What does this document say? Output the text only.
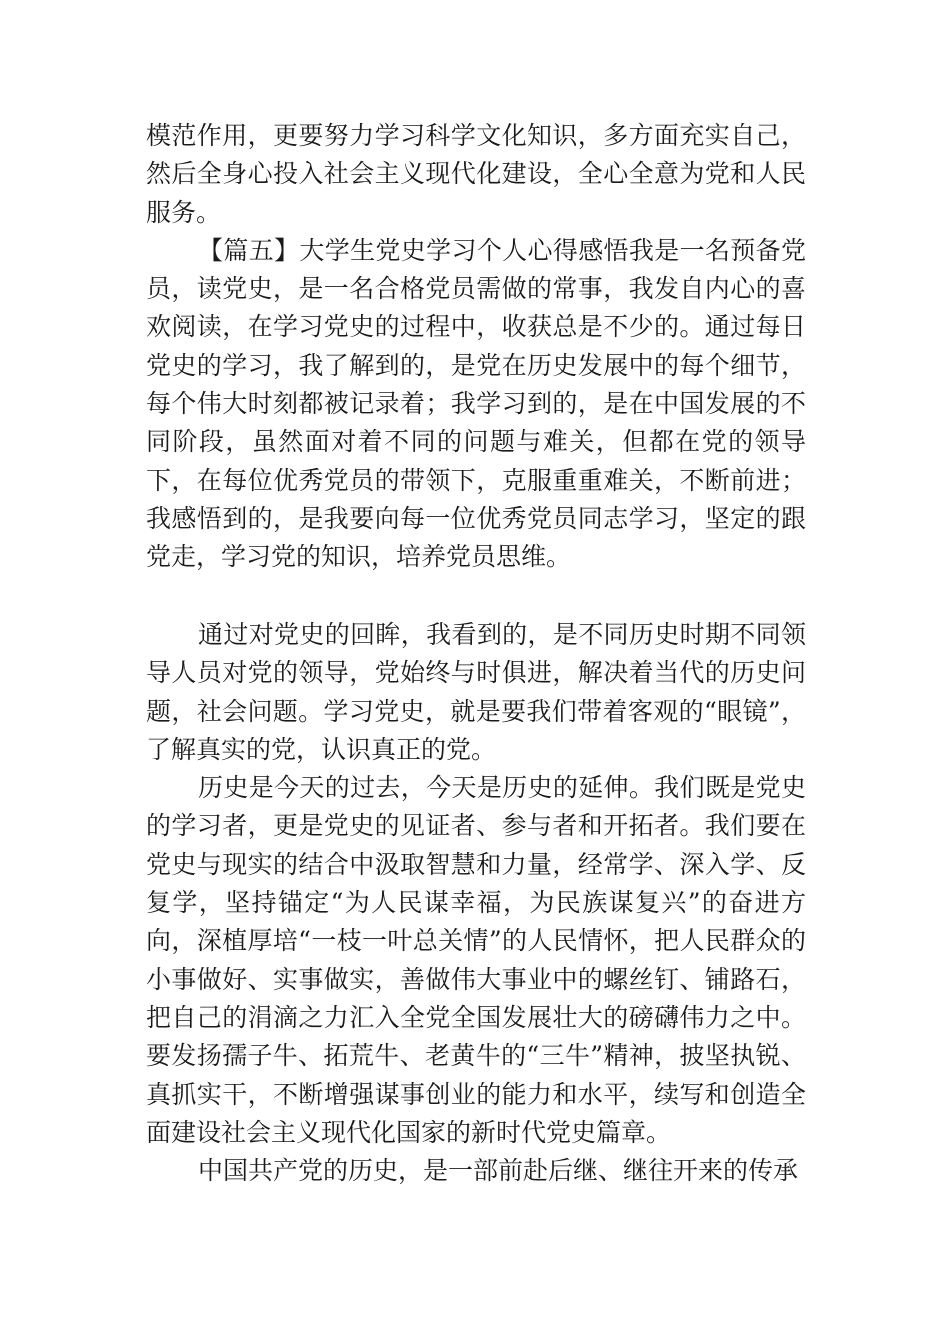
模范作用，更要努力学习科学文化知识，多方面充实自己，然后全身心投入社会主义现代化建设，全心全意为党和人民服务。

【篇五】大学生党史学习个人心得感悟我是一名预备党员，读党史，是一名合格党员需做的常事，我发自内心的喜欢阅读，在学习党史的过程中，收获总是不少的。通过每日党史的学习，我了解到的，是党在历史发展中的每个细节，每个伟大时刻都被记录着；我学习到的，是在中国发展的不同阶段，虽然面对着不同的问题与难关，但都在党的领导下，在每位优秀党员的带领下，克服重重难关，不断前进；我感悟到的，是我要向每一位优秀党员同志学习，坚定的跟党走，学习党的知识，培养党员思维。

通过对党史的回眸，我看到的，是不同历史时期不同领导人员对党的领导，党始终与时俱进，解决着当代的历史问题，社会问题。学习党史，就是要我们带着客观的“眼镜”，了解真实的党，认识真正的党。

历史是今天的过去，今天是历史的延伸。我们既是党史的学习者，更是党史的见证者、参与者和开拓者。我们要在党史与现实的结合中汲取智慧和力量，经常学、深入学、反复学，坚持锚定“为人民谋幸福，为民族谋复兴”的奋进方向，深植厚培“一枝一叶总关情”的人民情怀，把人民群众的小事做好、实事做实，善做伟大事业中的螺丝钉、铺路石，把自己的涓滴之力汇入全党全国发展壮大的磅礴伟力之中。要发扬孺子牛、拓荒牛、老黄牛的“三牛”精神，披坚执锐、真抓实干，不断增强谋事创业的能力和水平，续写和创造全面建设社会主义现代化国家的新时代党史篇章。

中国共产党的历史，是一部前赴后继、继往开来的传承
